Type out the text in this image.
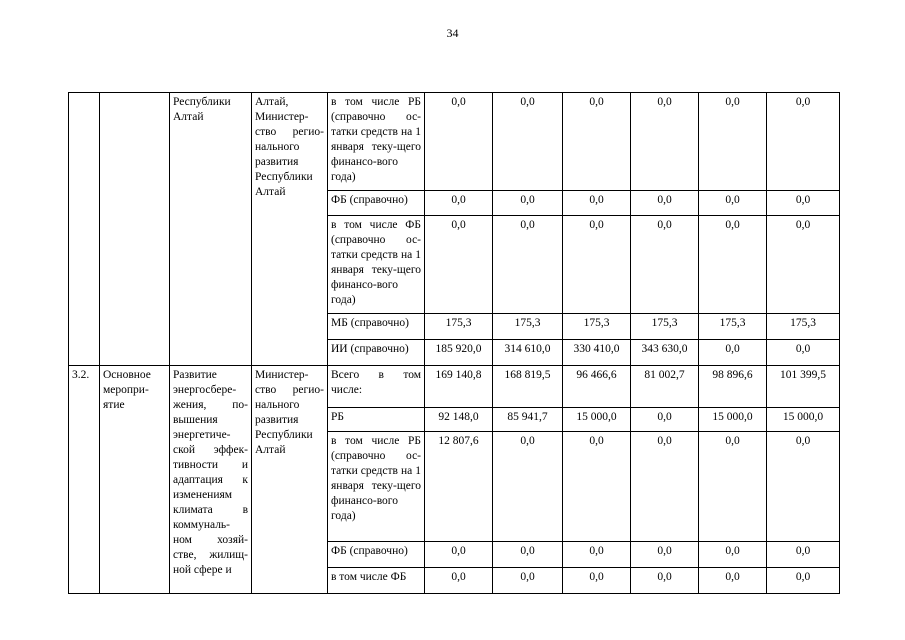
34
		Республики Алтай	Алтай, Министер-ство регио-нального развития Республики Алтай	в том числе РБ (справочно ос-татки средств на 1 января теку-щего финансо-вого года)	0,0	0,0	0,0	0,0	0,0	0,0
				ФБ (справочно)	0,0	0,0	0,0	0,0	0,0	0,0
				в том числе ФБ (справочно ос-татки средств на 1 января теку-щего финансо-вого года)	0,0	0,0	0,0	0,0	0,0	0,0
				МБ (справочно)	175,3	175,3	175,3	175,3	175,3	175,3
				ИИ (справочно)	185 920,0	314 610,0	330 410,0	343 630,0	0,0	0,0
3.2.	Основное меропри-ятие	Развитие энергосбере-жения, по-вышения энергетиче-ской эффек-тивности и адаптация к изменениям климата в коммуналь-ном хозяй-стве, жилищ-ной сфере и	Министер-ство регио-нального развития Республики Алтай	Всего в том числе:	169 140,8	168 819,5	96 466,6	81 002,7	98 896,6	101 399,5
				РБ	92 148,0	85 941,7	15 000,0	0,0	15 000,0	15 000,0
				в том числе РБ (справочно ос-татки средств на 1 января теку-щего финансо-вого года)	12 807,6	0,0	0,0	0,0	0,0	0,0
				ФБ (справочно)	0,0	0,0	0,0	0,0	0,0	0,0
				в том числе ФБ	0,0	0,0	0,0	0,0	0,0	0,0
